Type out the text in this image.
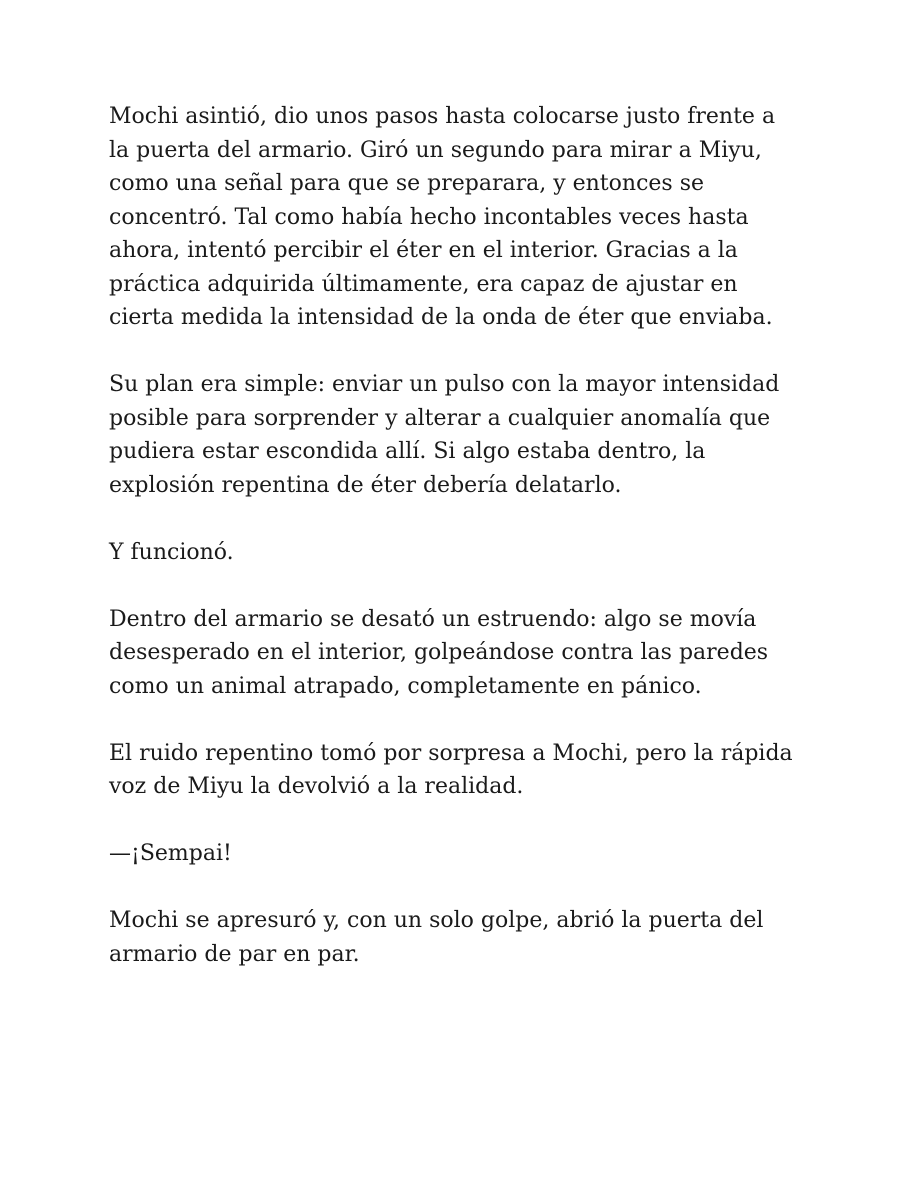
Mochi asintió, dio unos pasos hasta colocarse justo frente a la puerta del armario. Giró un segundo para mirar a Miyu, como una señal para que se preparara, y entonces se concentró. Tal como había hecho incontables veces hasta ahora, intentó percibir el éter en el interior. Gracias a la práctica adquirida últimamente, era capaz de ajustar en cierta medida la intensidad de la onda de éter que enviaba.

Su plan era simple: enviar un pulso con la mayor intensidad posible para sorprender y alterar a cualquier anomalía que pudiera estar escondida allí. Si algo estaba dentro, la explosión repentina de éter debería delatarlo.

Y funcionó.

Dentro del armario se desató un estruendo: algo se movía desesperado en el interior, golpeándose contra las paredes como un animal atrapado, completamente en pánico.

El ruido repentino tomó por sorpresa a Mochi, pero la rápida voz de Miyu la devolvió a la realidad.

—¡Sempai!

Mochi se apresuró y, con un solo golpe, abrió la puerta del armario de par en par.
